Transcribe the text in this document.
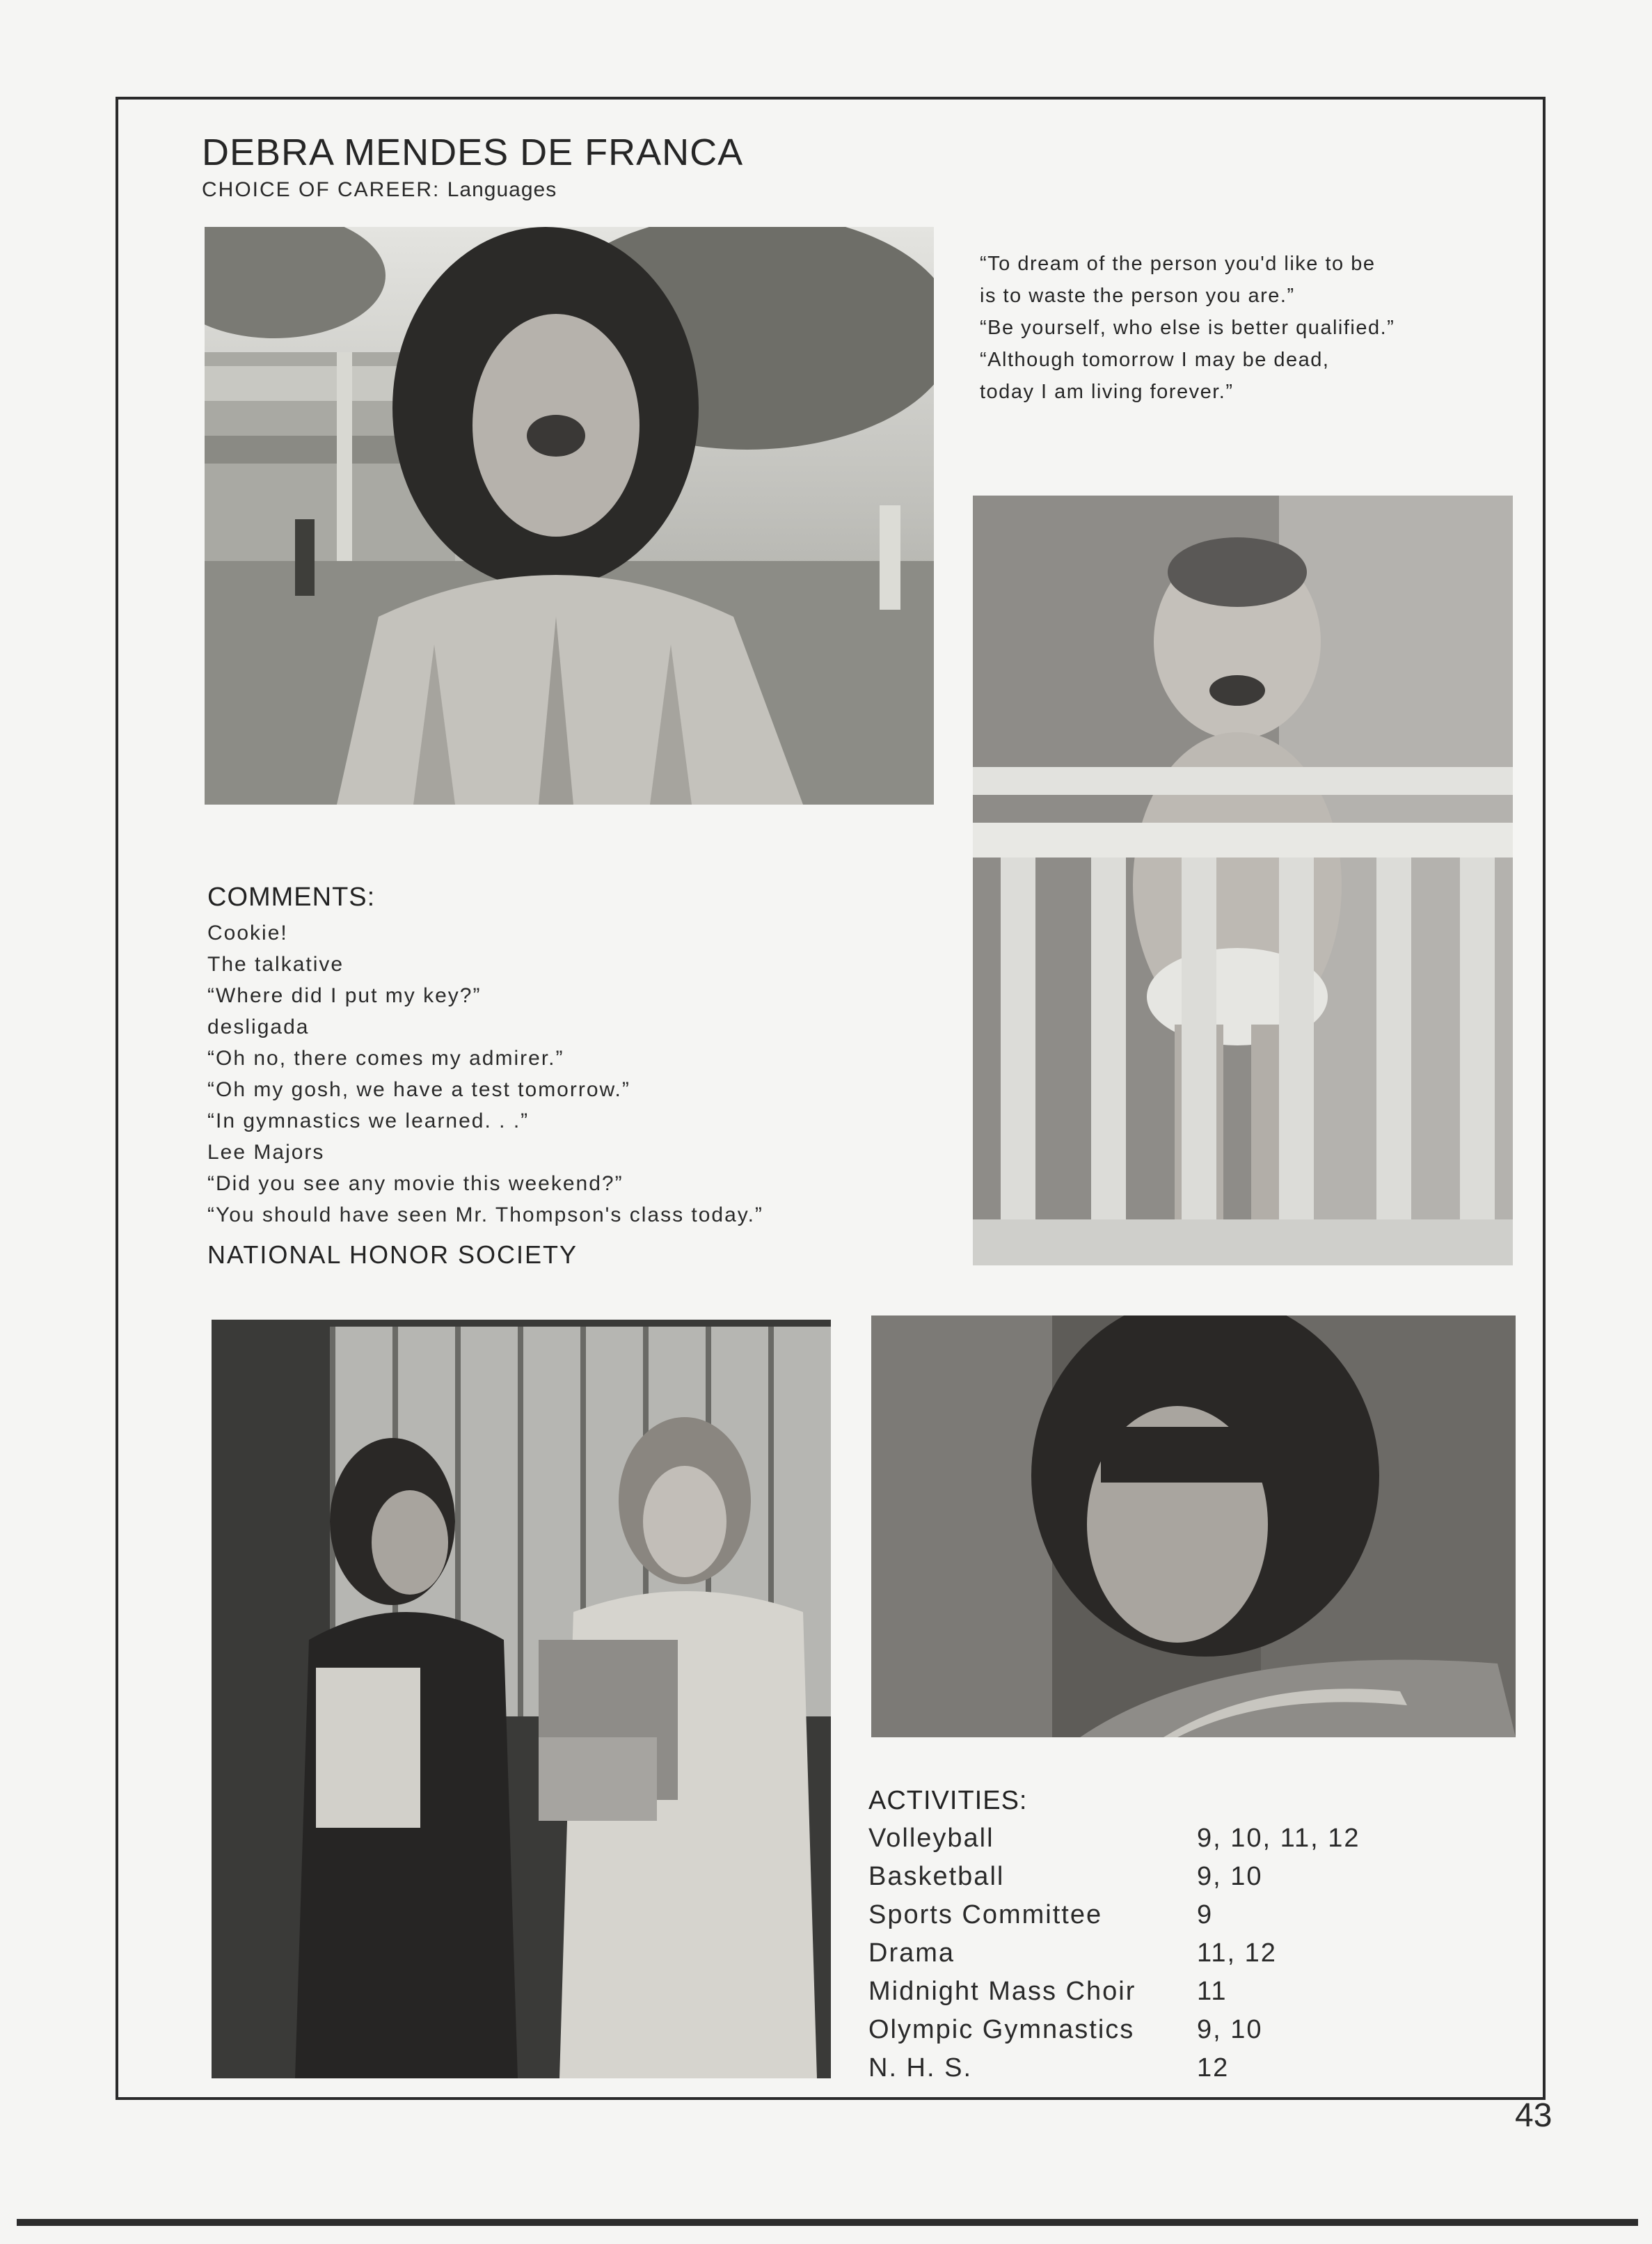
DEBRA MENDES DE FRANCA
CHOICE OF CAREER: Languages
“To dream of the person you'd like to be
is to waste the person you are.”
“Be yourself, who else is better qualified.”
“Although tomorrow I may be dead,
today I am living forever.”
COMMENTS:
Cookie!
The talkative
“Where did I put my key?”
desligada
“Oh no, there comes my admirer.”
“Oh my gosh, we have a test tomorrow.”
“In gymnastics we learned. . .”
Lee Majors
“Did you see any movie this weekend?”
“You should have seen Mr. Thompson's class today.”
NATIONAL HONOR SOCIETY
ACTIVITIES:
Volleyball	9, 10, 11, 12
Basketball	9, 10
Sports Committee	9
Drama	11, 12
Midnight Mass Choir 11
Olympic Gymnastics 9, 10
N. H. S.	12
43
